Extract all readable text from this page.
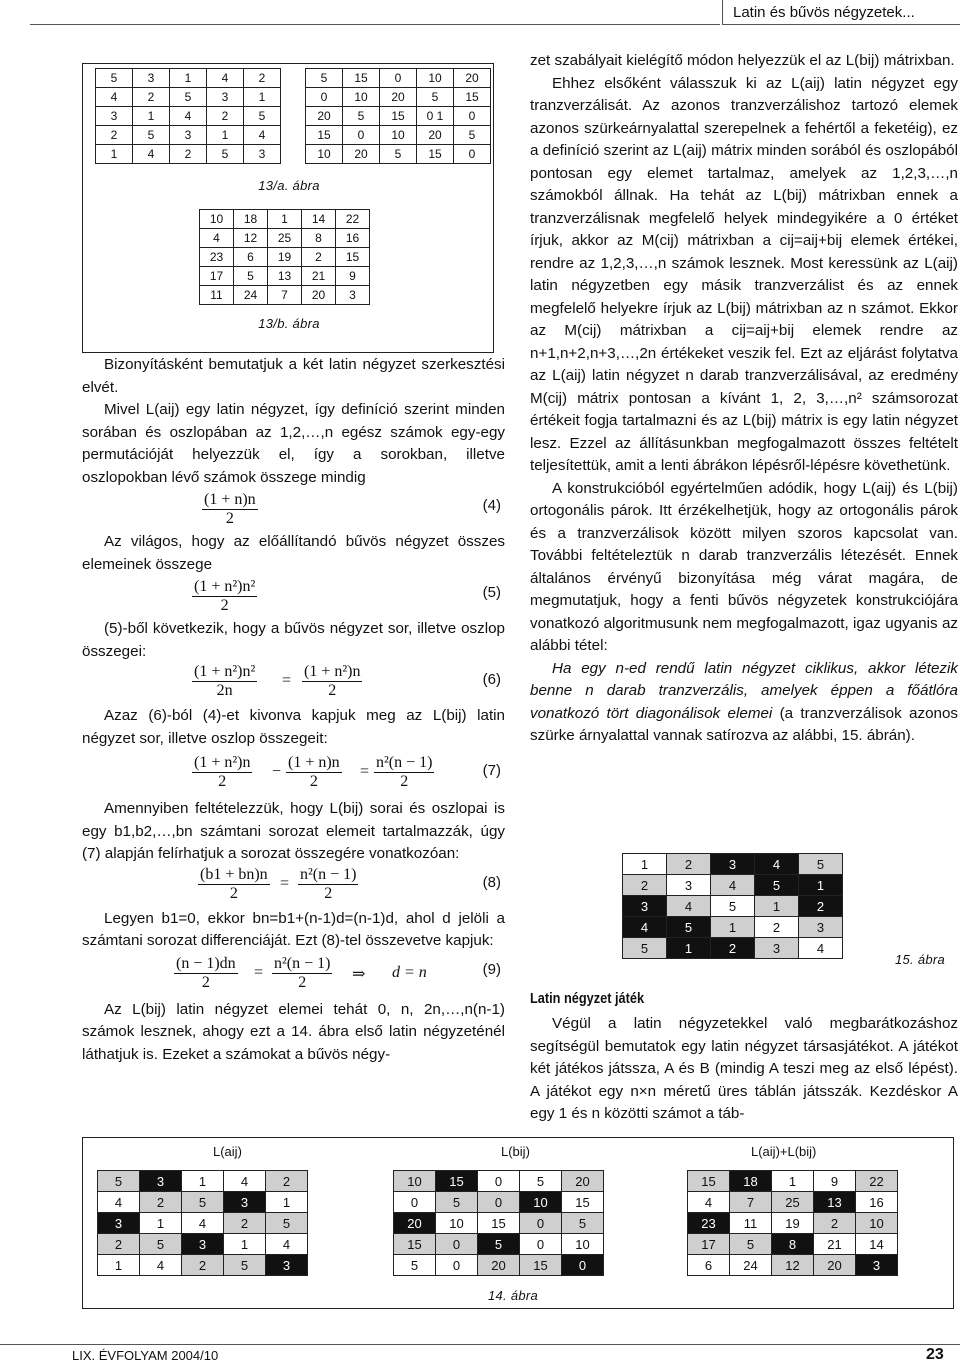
Latin és bűvös négyzetek...
5	3	1	4	2
4	2	5	3	1
3	1	4	2	5
2	5	3	1	4
1	4	2	5	3
5	15	0	10	20
0	10	20	5	15
20	5	15	0 1	0
15	0	10	20	5
10	20	5	15	0
13/a. ábra
10	18	1	14	22
4	12	25	8	16
23	6	19	2	15
17	5	13	21	9
11	24	7	20	3
13/b. ábra

Bizonyításként bemutatjuk a két latin négyzet szerkesztési elvét.

Mivel L(aij) egy latin négyzet, így definíció szerint minden sorában és oszlopában az 1,2,…,n egész számok egy-egy permutációját helyezzük el, így a sorokban, illetve oszlopokban lévő számok összege mindig

$\frac{(1 + n)n}{2}$	(4)

Az világos, hogy az előállítandó bűvös négyzet összes elemeinek összege

$\frac{\text{(1 + n²)n²}}{2}$	(5)

(5)-ből következik, hogy a bűvös négyzet sor, illetve oszlop összegei:

$\frac{\text{(1 + n²)n²}}{2n} = \frac{\text{(1 + n²)n}}{2}$	(6)

Azaz (6)-ból (4)-et kivonva kapjuk meg az L(bij) latin négyzet sor, illetve oszlop összegeit:

$\frac{\text{(1 + n²)n}}{2} - \frac{(1 + n)n}{2} = \frac{\text{n²(n − 1)}}{2}$	(7)

Amennyiben feltételezzük, hogy L(bij) sorai és oszlopai is egy b1,b2,…,bn számtani sorozat elemeit tartalmazzák, úgy (7) alapján felírhatjuk a sorozat összegére vonatkozóan:

$\frac{(b1 + bn)n}{2} = \frac{\text{n²(n − 1)}}{2}$	(8)

Legyen b1=0, ekkor bn=b1+(n-1)d=(n-1)d, ahol d jelöli a számtani sorozat differenciáját. Ezt (8)-tel összevetve kapjuk:

$\frac{(n - 1)dn}{2} = \frac{\text{n²(n − 1)}}{2}$ ⇒ d = n	(9)

Az L(bij) latin négyzet elemei tehát 0, n, 2n,…,n(n-1) számok lesznek, ahogy ezt a 14. ábra első latin négyzeténél láthatjuk is. Ezeket a számokat a bűvös négy-

zet szabályait kielégítő módon helyezzük el az L(bij) mátrixban.

Ehhez elsőként válasszuk ki az L(aij) latin négyzet egy tranzverzálisát. Az azonos tranzverzálishoz tartozó elemek azonos szürkeárnyalattal szerepelnek a fehértől a feketéig), ez a definíció szerint az L(aij) mátrix minden sorából és oszlopából pontosan egy elemet tartalmaz, amelyek az 1,2,3,…,n számokból állnak. Ha tehát az L(bij) mátrixban ennek a tranzverzálisnak megfelelő helyek mindegyikére a 0 értéket írjuk, akkor az M(cij) mátrixban a cij=aij+bij elemek értékei, rendre az 1,2,3,…,n számok lesznek. Most keressünk az L(aij) latin négyzetben egy másik tranzverzálist és az ennek megfelelő helyekre írjuk az L(bij) mátrixban az n számot. Ekkor az M(cij) mátrixban a cij=aij+bij elemek rendre az n+1,n+2,n+3,…,2n értékeket veszik fel. Ezt az eljárást folytatva az L(aij) latin négyzet n darab tranzverzálisával, az eredmény M(cij) mátrix pontosan a kívánt 1, 2, 3,…,n² számsorozat értékeit fogja tartalmazni és az L(bij) mátrix is egy latin négyzet lesz. Ezzel az állításunkban megfogalmazott összes feltételt teljesítettük, amit a lenti ábrákon lépésről-lépésre követhetünk.

A konstrukcióból egyértelműen adódik, hogy L(aij) és L(bij) ortogonális párok. Itt érzékelhetjük, hogy az ortogonális párok és a tranzverzálisok között milyen szoros kapcsolat van. További feltételeztük n darab tranzverzális létezését. Ennek általános érvényű bizonyítása még várat magára, de megmutatjuk, hogy a fenti bűvös négyzetek konstrukciójára vonatkozó algoritmusunk nem megfogalmazott, igaz ugyanis az alábbi tétel:

Ha egy n-ed rendű latin négyzet ciklikus, akkor létezik benne n darab tranzverzális, amelyek éppen a főátlóra vonatkozó tört diagonálisok elemei (a tranzverzálisok azonos szürke árnyalattal vannak satírozva az alábbi, 15. ábrán).

1	2	3	4	5
2	3	4	5	1
3	4	5	1	2
4	5	1	2	3
5	1	2	3	4
15. ábra
Latin négyzet játék

Végül a latin négyzetekkel való megbarátkozáshoz segítségül bemutatok egy latin négyzet társasjátékot. A játékot két játékos játssza, A és B (mindig A teszi meg az első lépést). A játékot egy n×n méretű üres táblán játsszák. Kezdéskor A egy 1 és n közötti számot a táb-

L(aij)	L(bij)	L(aij)+L(bij)
5	3	1	4	2
4	2	5	3	1
3	1	4	2	5
2	5	3	1	4
1	4	2	5	3
10	15	0	5	20
0	5	0	10	15
20	10	15	0	5
15	0	5	0	10
5	0	20	15	0
15	18	1	9	22
4	7	25	13	16
23	11	19	2	10
17	5	8	21	14
6	24	12	20	3
14. ábra
LIX. ÉVFOLYAM 2004/10	23
